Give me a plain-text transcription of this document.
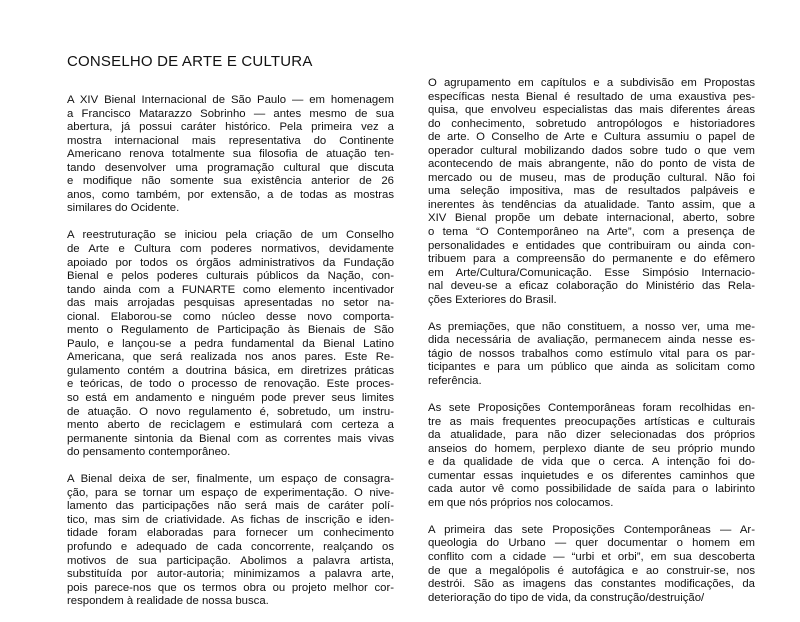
CONSELHO DE ARTE E CULTURA

A XIV Bienal Internacional de São Paulo — em homenagem
a Francisco Matarazzo Sobrinho — antes mesmo de sua
abertura, já possui caráter histórico. Pela primeira vez a
mostra internacional mais representativa do Continente
Americano renova totalmente sua filosofia de atuação ten-
tando desenvolver uma programação cultural que discuta
e modifique não somente sua existência anterior de 26
anos, como também, por extensão, a de todas as mostras
similares do Ocidente.

A reestruturação se iniciou pela criação de um Conselho
de Arte e Cultura com poderes normativos, devidamente
apoiado por todos os órgãos administrativos da Fundação
Bienal e pelos poderes culturais públicos da Nação, con-
tando ainda com a FUNARTE como elemento incentivador
das mais arrojadas pesquisas apresentadas no setor na-
cional. Elaborou-se como núcleo desse novo comporta-
mento o Regulamento de Participação às Bienais de São
Paulo, e lançou-se a pedra fundamental da Bienal Latino
Americana, que será realizada nos anos pares. Este Re-
gulamento contém a doutrina básica, em diretrizes práticas
e teóricas, de todo o processo de renovação. Este proces-
so está em andamento e ninguém pode prever seus limites
de atuação. O novo regulamento é, sobretudo, um instru-
mento aberto de reciclagem e estimulará com certeza a
permanente sintonia da Bienal com as correntes mais vivas
do pensamento contemporâneo.

A Bienal deixa de ser, finalmente, um espaço de consagra-
ção, para se tornar um espaço de experimentação. O nive-
lamento das participações não será mais de caráter polí-
tico, mas sim de criatividade. As fichas de inscrição e iden-
tidade foram elaboradas para fornecer um conhecimento
profundo e adequado de cada concorrente, realçando os
motivos de sua participação. Abolimos a palavra artista,
substituída por autor-autoria; minimizamos a palavra arte,
pois parece-nos que os termos obra ou projeto melhor cor-
respondem à realidade de nossa busca.

O agrupamento em capítulos e a subdivisão em Propostas
específicas nesta Bienal é resultado de uma exaustiva pes-
quisa, que envolveu especialistas das mais diferentes áreas
do conhecimento, sobretudo antropólogos e historiadores
de arte. O Conselho de Arte e Cultura assumiu o papel de
operador cultural mobilizando dados sobre tudo o que vem
acontecendo de mais abrangente, não do ponto de vista de
mercado ou de museu, mas de produção cultural. Não foi
uma seleção impositiva, mas de resultados palpáveis e
inerentes às tendências da atualidade. Tanto assim, que a
XIV Bienal propõe um debate internacional, aberto, sobre
o tema “O Contemporâneo na Arte”, com a presença de
personalidades e entidades que contribuiram ou ainda con-
tribuem para a compreensão do permanente e do efêmero
em Arte/Cultura/Comunicação. Esse Simpósio Internacio-
nal deveu-se a eficaz colaboração do Ministério das Rela-
ções Exteriores do Brasil.

As premiações, que não constituem, a nosso ver, uma me-
dida necessária de avaliação, permanecem ainda nesse es-
tágio de nossos trabalhos como estímulo vital para os par-
ticipantes e para um público que ainda as solicitam como
referência.

As sete Proposições Contemporâneas foram recolhidas en-
tre as mais frequentes preocupações artísticas e culturais
da atualidade, para não dizer selecionadas dos próprios
anseios do homem, perplexo diante de seu próprio mundo
e da qualidade de vida que o cerca. A intenção foi do-
cumentar essas inquietudes e os diferentes caminhos que
cada autor vê como possibilidade de saída para o labirinto
em que nós próprios nos colocamos.

A primeira das sete Proposições Contemporâneas — Ar-
queologia do Urbano — quer documentar o homem em
conflito com a cidade — “urbi et orbi”, em sua descoberta
de que a megalópolis é autofágica e ao construir-se, nos
destrói. São as imagens das constantes modificações, da
deterioração do tipo de vida, da construção/destruição/
